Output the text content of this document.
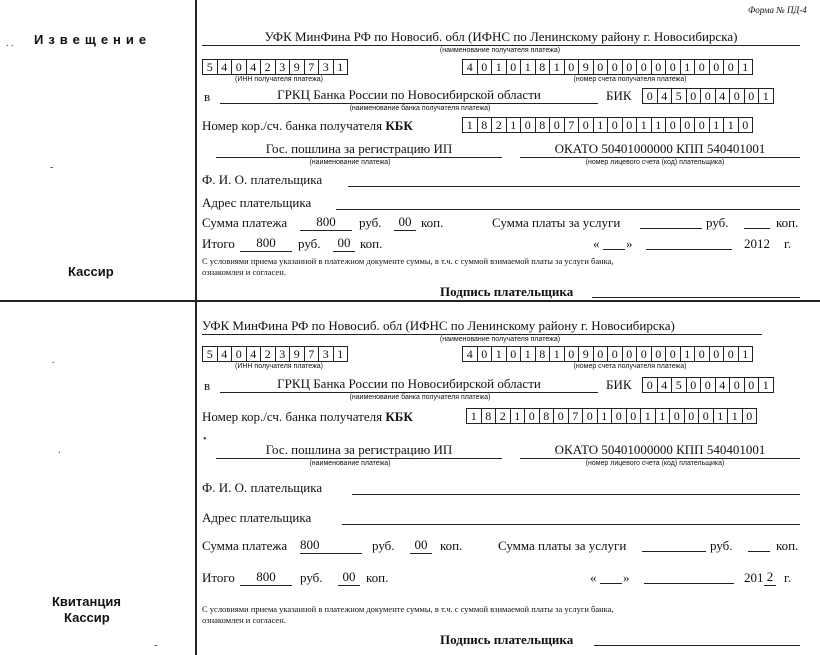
. . Извещение
-
Кассир
.
.
Квитанция
Кассир
-
Форма № ПД-4
УФК МинФина РФ по Новосиб. обл (ИФНС по Ленинскому району г. Новосибирска)
(наименование получателя платежа)
5 4 0 4 2 3 9 7 3 1
(ИНН получателя платежа)
4 0 1 0 1 8 1 0 9 0 0 0 0 0 0 1 0 0 0 1
(номер счета получателя платежа)
в	ГРКЦ Банка России по Новосибирской области
(наименование банка получателя платежа)
БИК	0 4 5 0 0 4 0 0 1
Номер кор./сч. банка получателя КБК	1 8 2 1 0 8 0 7 0 1 0 0 1 1 0 0 0 1 1 0
Гос. пошлина за регистрацию ИП
(наименование платежа)
ОКАТО 50401000000 КПП 540401001
(номер лицевого счета (код) плательщика)
Ф. И. О. плательщика
Адрес плательщика
Сумма платежа	800	руб.	00 коп.	Сумма платы за услуги	руб.	коп.
Итого	800	руб.	00 коп.	« »	2012 г.
С условиями приема указанной в платежном документе суммы, в т.ч. с суммой взимаемой платы за услуги банка,
ознакомлен и согласен.
Подпись плательщика
УФК МинФина РФ по Новосиб. обл (ИФНС по Ленинскому району г. Новосибирска)
(наименование получателя платежа)
5 4 0 4 2 3 9 7 3 1
(ИНН получателя платежа)
4 0 1 0 1 8 1 0 9 0 0 0 0 0 0 1 0 0 0 1
(номер счета получателя платежа)
в	ГРКЦ Банка России по Новосибирской области
(наименование банка получателя платежа)
БИК	0 4 5 0 0 4 0 0 1
Номер кор./сч. банка получателя КБК	1 8 2 1 0 8 0 7 0 1 0 0 1 1 0 0 0 1 1 0
•
Гос. пошлина за регистрацию ИП
(наименование платежа)
ОКАТО 50401000000 КПП 540401001
(номер лицевого счета (код) плательщика)
Ф. И. О. плательщика
Адрес плательщика
Сумма платежа 800	руб.	00 коп.	Сумма платы за услуги	руб.	коп.
Итого	800	руб.	00 коп.	« »	201 2 г.
С условиями приема указанной в платежном документе суммы, в т.ч. с суммой взимаемой платы за услуги банка,
ознакомлен и согласен.
Подпись плательщика
